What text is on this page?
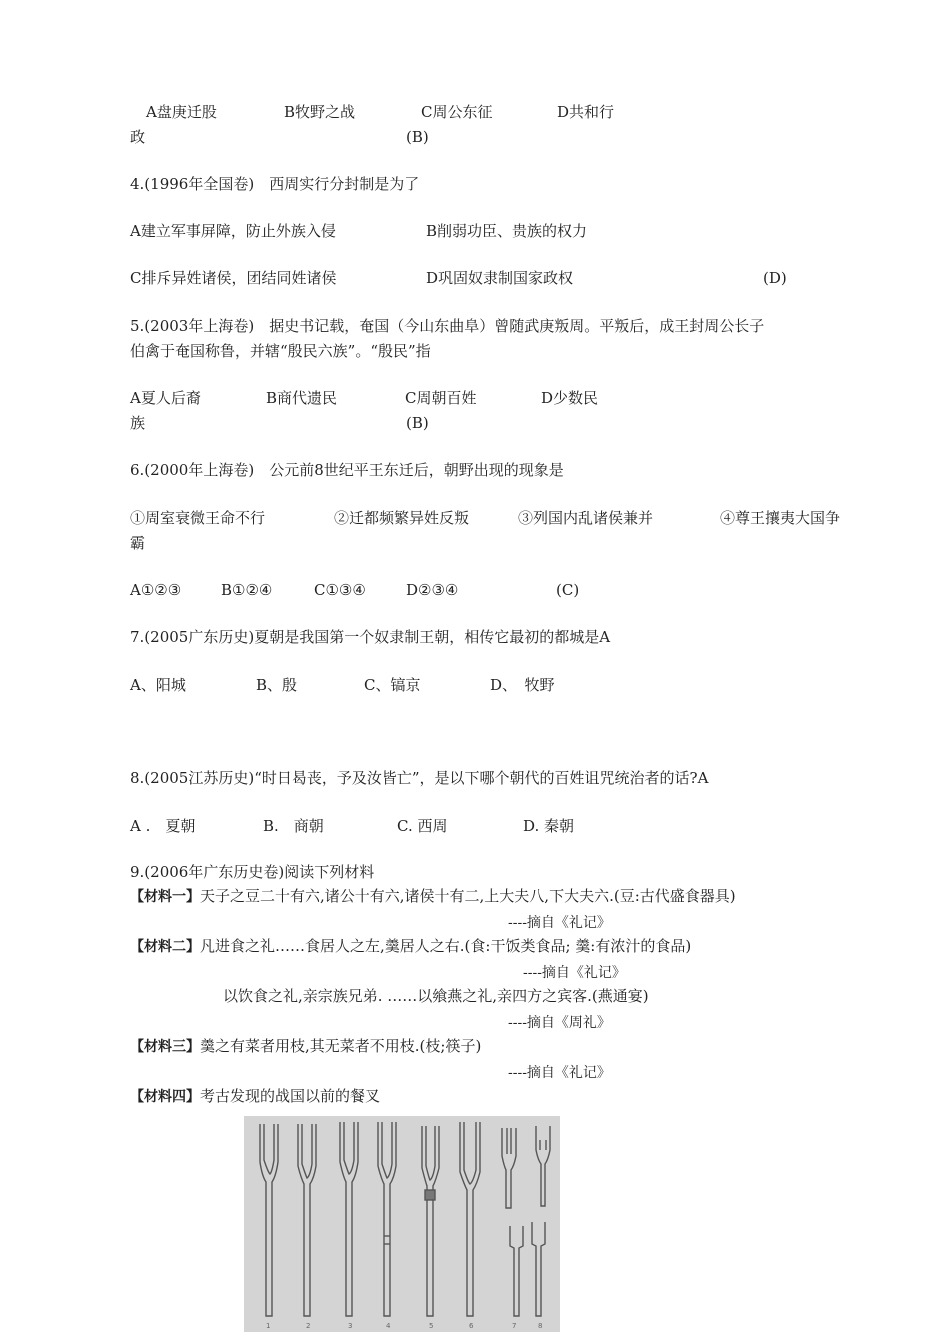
A盘庚迁股	B牧野之战	C周公东征	D共和行
政	(B)
4.(1996年全国卷)　西周实行分封制是为了
A建立军事屏障，防止外族入侵	B削弱功臣、贵族的权力
C排斥异姓诸侯，团结同姓诸侯	D巩固奴隶制国家政权	(D)
5.(2003年上海卷)　据史书记载，奄国（今山东曲阜）曾随武庚叛周。平叛后，成王封周公长子
伯禽于奄国称鲁，并辖“殷民六族”。“殷民”指
A夏人后裔	B商代遗民	C周朝百姓	D少数民
族	(B)
6.(2000年上海卷)　公元前8世纪平王东迁后，朝野出现的现象是
①周室衰微王命不行	②迁都频繁异姓反叛	③列国内乱诸侯兼并	④尊王攘夷大国争
霸
A①②③	B①②④	C①③④	D②③④	(C)
7.(2005广东历史)夏朝是我国第一个奴隶制王朝，相传它最初的都城是A
A、阳城	B、殷	C、镐京	D、　牧野
8.(2005江苏历史)“时日曷丧，予及汝皆亡”，是以下哪个朝代的百姓诅咒统治者的话?A
A .　夏朝	B.　商朝	C. 西周	D. 秦朝
9.(2006年广东历史卷)阅读下列材料
【材料一】天子之豆二十有六,诸公十有六,诸侯十有二,上大夫八,下大夫六.(豆:古代盛食器具)
----摘自《礼记》
【材料二】凡进食之礼……食居人之左,羹居人之右.(食:干饭类食品; 羹:有浓汁的食品)
----摘自《礼记》
以饮食之礼,亲宗族兄弟. ……以飨燕之礼,亲四方之宾客.(燕通宴)
----摘自《周礼》
【材料三】羹之有菜者用枝,其无菜者不用枝.(枝;筷子)
----摘自《礼记》
【材料四】考古发现的战国以前的餐叉
1	2	3	4	5	6	7	8
